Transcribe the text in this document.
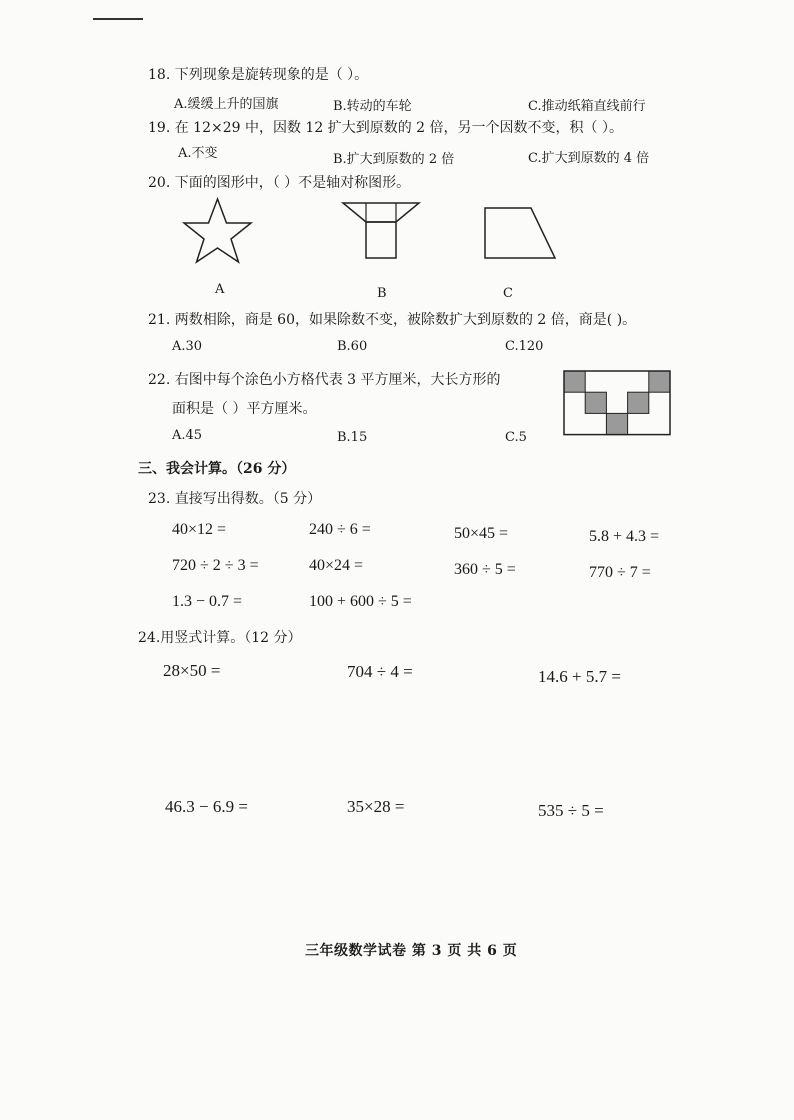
18. 下列现象是旋转现象的是（ ）。
A.缓缓上升的国旗	B.转动的车轮	C.推动纸箱直线前行
19. 在 12×29 中，因数 12 扩大到原数的 2 倍，另一个因数不变，积（ ）。
A.不变	B.扩大到原数的 2 倍	C.扩大到原数的 4 倍
20. 下面的图形中，（ ）不是轴对称图形。
A	B	C
21. 两数相除，商是 60，如果除数不变，被除数扩大到原数的 2 倍，商是( )。
A.30	B.60	C.120
22. 右图中每个涂色小方格代表 3 平方厘米，大长方形的
面积是（ ）平方厘米。
A.45	B.15	C.5
三、我会计算。（26 分）
23. 直接写出得数。（5 分）
40×12 =	240 ÷ 6 =	50×45 =	5.8 + 4.3 =
720 ÷ 2 ÷ 3 =	40×24 =	360 ÷ 5 =	770 ÷ 7 =
1.3 − 0.7 =	100 + 600 ÷ 5 =
24.用竖式计算。（12 分）
28×50 =	704 ÷ 4 =	14.6 + 5.7 =
46.3 − 6.9 =	35×28 =	535 ÷ 5 =
三年级数学试卷 第 3 页 共 6 页
